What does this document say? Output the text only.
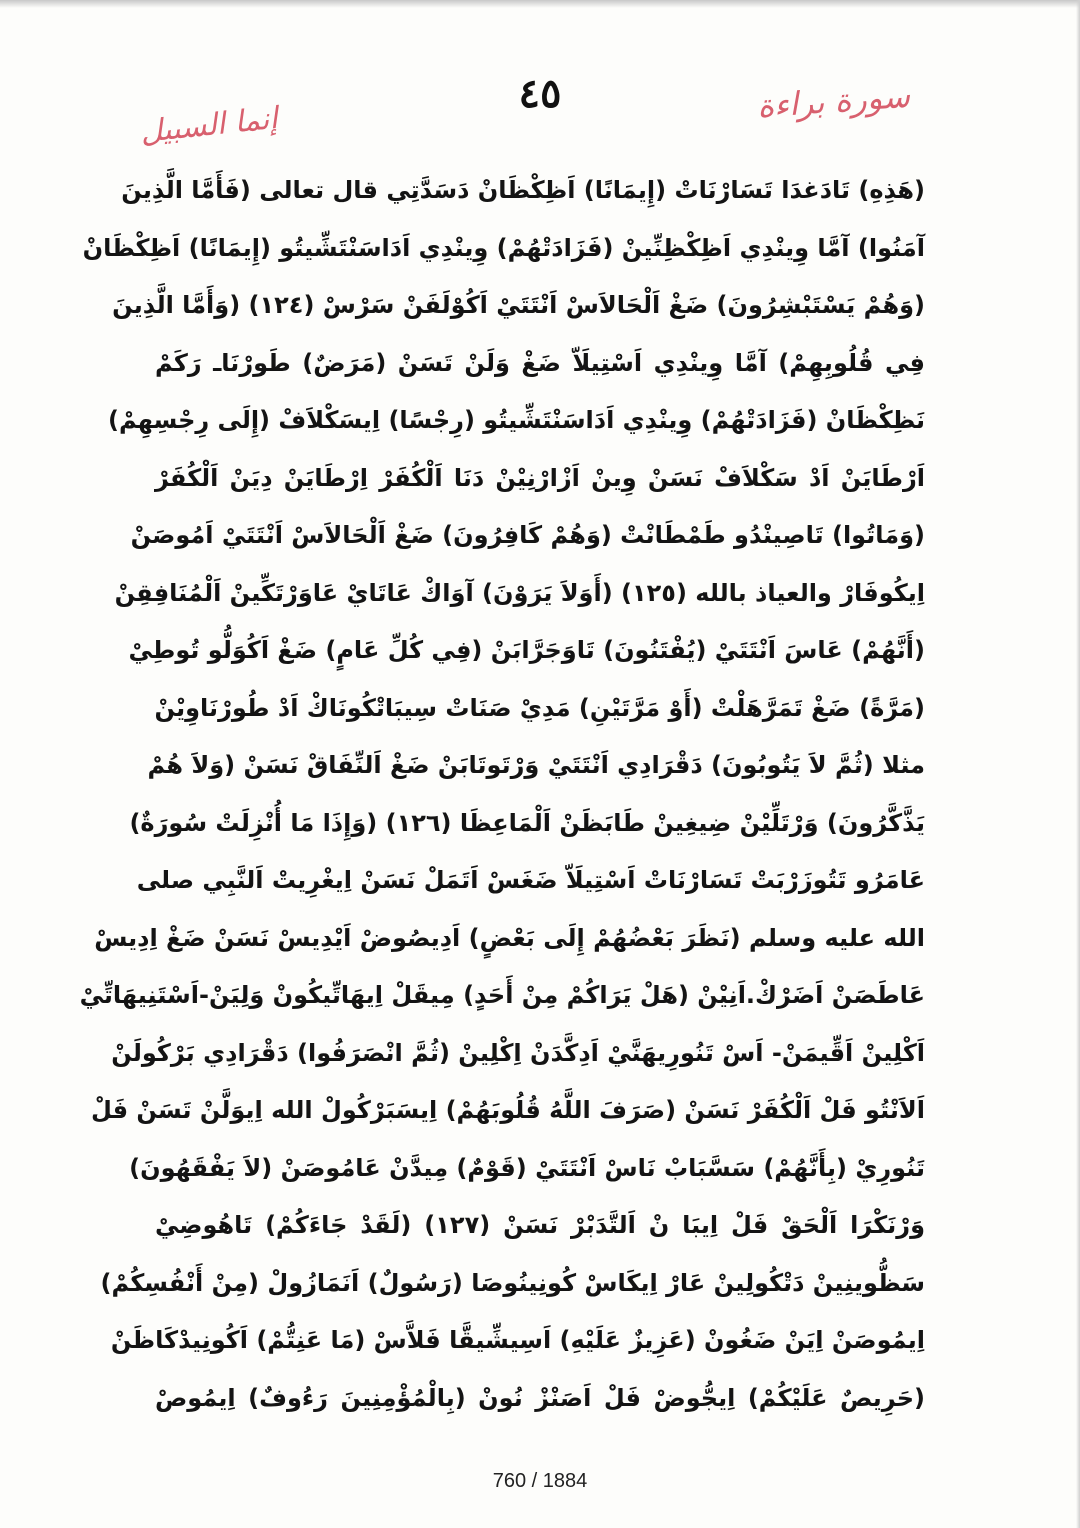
٤٥	سورة براءة
إنما السبيل
(هَذِهِ) تَادَغدَا تَسَارْنَاتْ (إِيمَانًا) اَظِكْظَانْ دَسَدَّتِي قال تعالى (فَأَمَّا الَّذِينَ
آمَنُوا) آمَّا وِينْدِي اَظِكْظِنِّينْ (فَزَادَتْهُمْ) وِينْدِي اَدَاسَنْتَشِّيتُو (إِيمَانًا) اَظِكْظَانْ
(وَهُمْ يَسْتَبْشِرُونَ) ضَغْ اَلْحَالاَسْ اَنْتَتَيْ اَكُوْلَفَنْ سَرْسْ (١٢٤) (وَأَمَّا الَّذِينَ
فِي قُلُوبِهِمْ) آمَّا وِينْدِي اَسْتِيلَاّ ضَغْ وَلَنْ تَسَنْ (مَرَضٌ) طَورْنَاـ رَكَمْ
نَظِكْظَانْ (فَزَادَتْهُمْ) وِينْدِي اَدَاسَنْتَشِّيتُو (رِجْسًا) اِيسَكْلاَفْ (إِلَى رِجْسِهِمْ)
اَرْطَايَنْ اَدْ سَكْلاَفْ نَسَنْ وِينْ اَزْارْنِيْنْ دَنَا اَلْكُفَرْ اِرْطَايَنْ دِيَنْ اَلْكُفَرْ
(وَمَاتُوا) تَاصِينْدُو طَمْطَانْتْ (وَهُمْ كَافِرُونَ) ضَغْ اَلْحَالاَسْ اَنْتَتَيْ اَمُوصَنْ
اِيكُوفَارْ والعياذ بالله (١٢٥) (أَوَلاَ يَرَوْنَ) آوَاكْ عَاتَايْ عَاوَرْتَكِّينْ اَلْمُنَافِقِنْ
(أَنَّهُمْ) عَاسَ اَنْتَتَيْ (يُفْتَنُونَ) تَاوَجَرَّابَنْ (فِي كُلِّ عَامٍ) ضَغْ اَكُوَلُّو تُوطِيْ
(مَرَّةً) ضَغْ تَمَرَّهَلْتْ (أَوْ مَرَّتَيْنِ) مَدِيْ صَنَاتْ سِيبَاتْكُونَاكْ اَدْ طُورْنَاوِيْنْ
مثلا (ثُمَّ لاَ يَتُوبُونَ) دَقْرَادِي اَنْتَتَيْ وَرْتَوتَابَنْ ضَغْ اَلنِّفَاقْ نَسَنْ (وَلاَ هُمْ
يَذَّكَّرُونَ) وَرْتَلِّيْنْ ضِيغِينْ طَابَظَنْ اَلْمَاعِظَا (١٢٦) (وَإِذَا مَا أُنْزِلَتْ سُورَةٌ)
عَامَرُو تَتُوزَرْبَتْ تَسَارْنَاتْ اَسْتِيلَاّ ضَغَسْ اَتَمَلْ نَسَنْ اِيغْرِيتْ اَلنَّبِي صلى
الله عليه وسلم (نَظَرَ بَعْضُهُمْ إِلَى بَعْضٍ) اَدِيصُوضْ اَيْدِيسْ نَسَنْ ضَغْ اِدِيسْ
عَاطَصَنْ اَضَرْكْ.اَنِيْنْ (هَلْ يَرَاكُمْ مِنْ أَحَدٍ) مِيقَلْ اِيهَاتِّيكُونْ وَلِيَنْ-اَسْتَنِيهَاتِّيْ
اَكْلِينْ اَقِّيمَنْ- اَسْ تَنُورِيهَنَّيْ اَدِكَّدَنْ اِكْلِينْ (ثُمَّ انْصَرَفُوا) دَقْرَادِي بَرْكُولَنْ
اَلاَنْتُو فَلْ اَلْكُفَرْ نَسَنْ (صَرَفَ اللَّهُ قُلُوبَهُمْ) اِيسَبَرْكُولْ الله اِيوَلَّنْ تَسَنْ فَلْ
تَنُورِيْ (بِأَنَّهُمْ) سَسَّبَابْ نَاسْ اَنْتَتَيْ (قَوْمٌ) مِيدَّنْ عَامُوصَنْ (لاَ يَفْقَهُونَ)
وَرْنَكْرَا اَلْحَقْ فَلْ اِيبَا نْ اَلتَّدَبْرْ نَسَنْ (١٢٧) (لَقَدْ جَاءَكُمْ) تَاهُوضِيْ
سَظُّوينِينْ دَتْكُولِينْ عَارْ اِيكَاسْ كُونِينُوصَا (رَسُولٌ) اَنَمَازُولْ (مِنْ أَنْفُسِكُمْ)
اِيمُوصَنْ اِيَنْ ضَغُونْ (عَزِيزٌ عَلَيْهِ) اَسِيشِّيقَّا فَلاَّسْ (مَا عَنِتُّمْ) اَكُونِيدْكَاظَنْ
(حَرِيصٌ عَلَيْكُمْ) اِيجُّوضْ فَلْ اَصَنْزْ نُونْ (بِالْمُؤْمِنِينَ رَءُوفٌ) اِيمُوصْ
760 / 1884
